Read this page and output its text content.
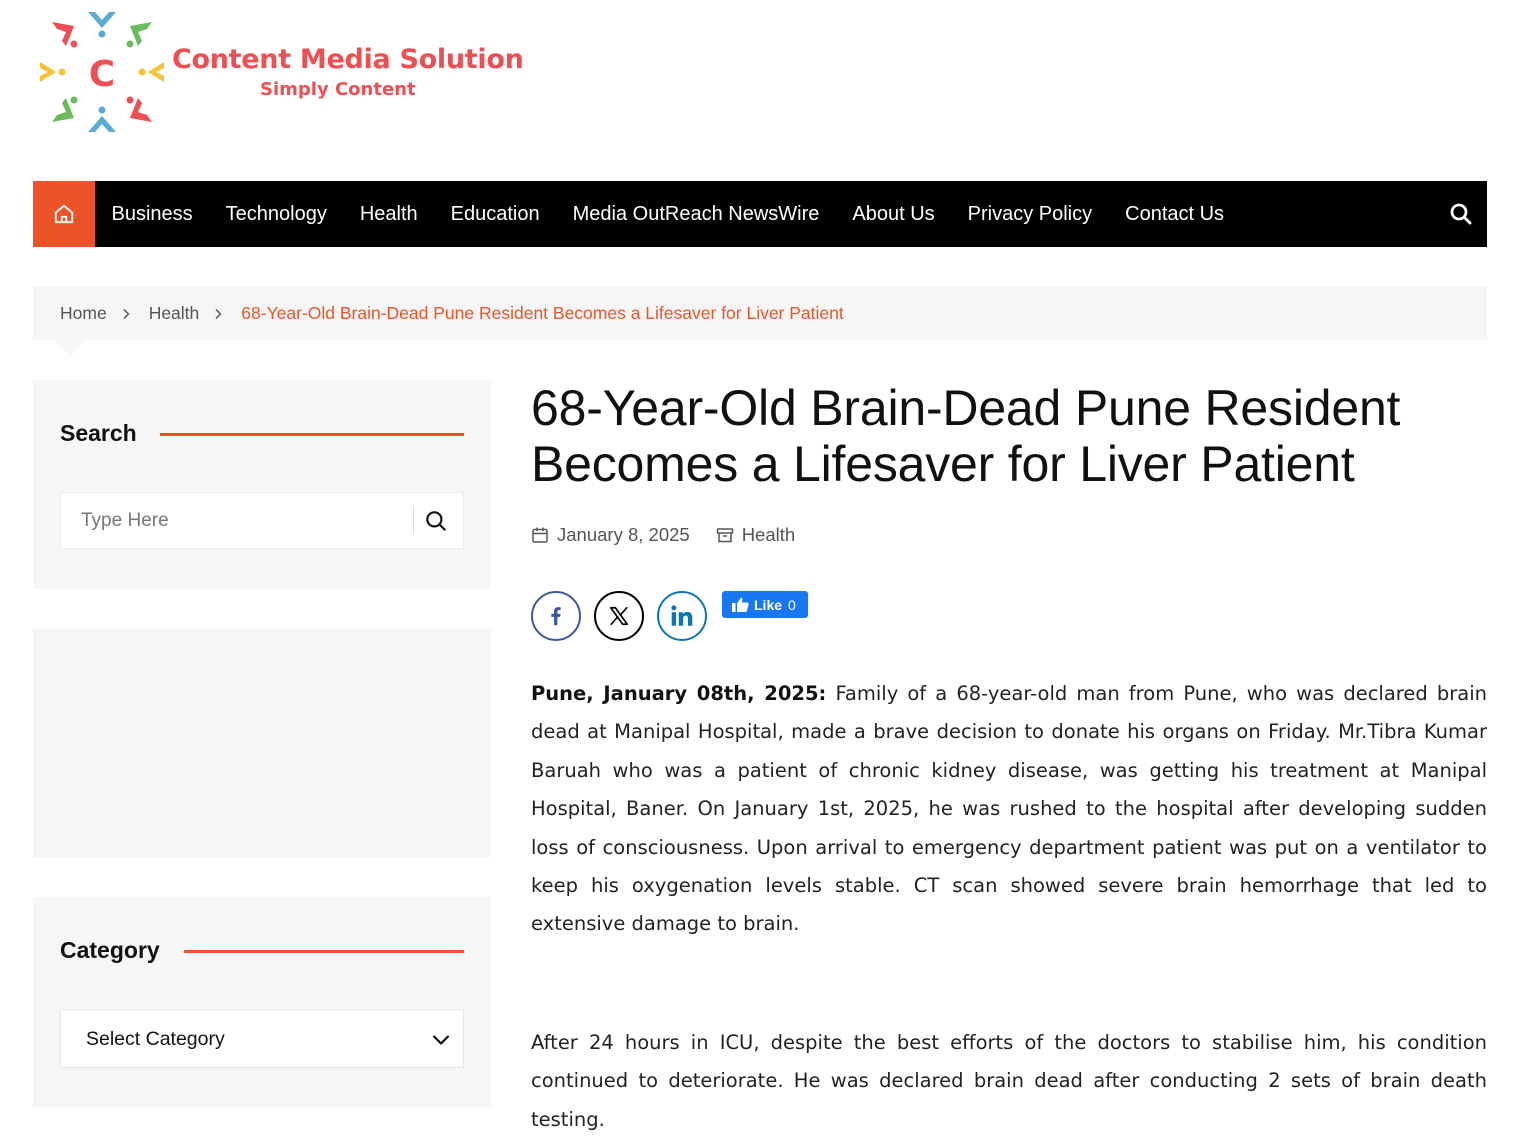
C Content Media Solution
Simply Content
Business	Technology	Health	Education	Media OutReach NewsWire	About Us	Privacy Policy	Contact Us
Home Health 68-Year-Old Brain-Dead Pune Resident Becomes a Lifesaver for Liver Patient
Search
Type Here
Category
Select Category
68-Year-Old Brain-Dead Pune Resident Becomes a Lifesaver for Liver Patient
January 8, 2025	Health
Like 0

Pune, January 08th, 2025: Family of a 68-year-old man from Pune, who was declared brain dead at Manipal Hospital, made a brave decision to donate his organs on Friday. Mr.Tibra Kumar Baruah who was a patient of chronic kidney disease, was getting his treatment at Manipal Hospital, Baner. On January 1st, 2025, he was rushed to the hospital after developing sudden loss of consciousness. Upon arrival to emergency department patient was put on a ventilator to keep his oxygenation levels stable. CT scan showed severe brain hemorrhage that led to extensive damage to brain.

After 24 hours in ICU, despite the best efforts of the doctors to stabilise him, his condition continued to deteriorate. He was declared brain dead after conducting 2 sets of brain death testing.
